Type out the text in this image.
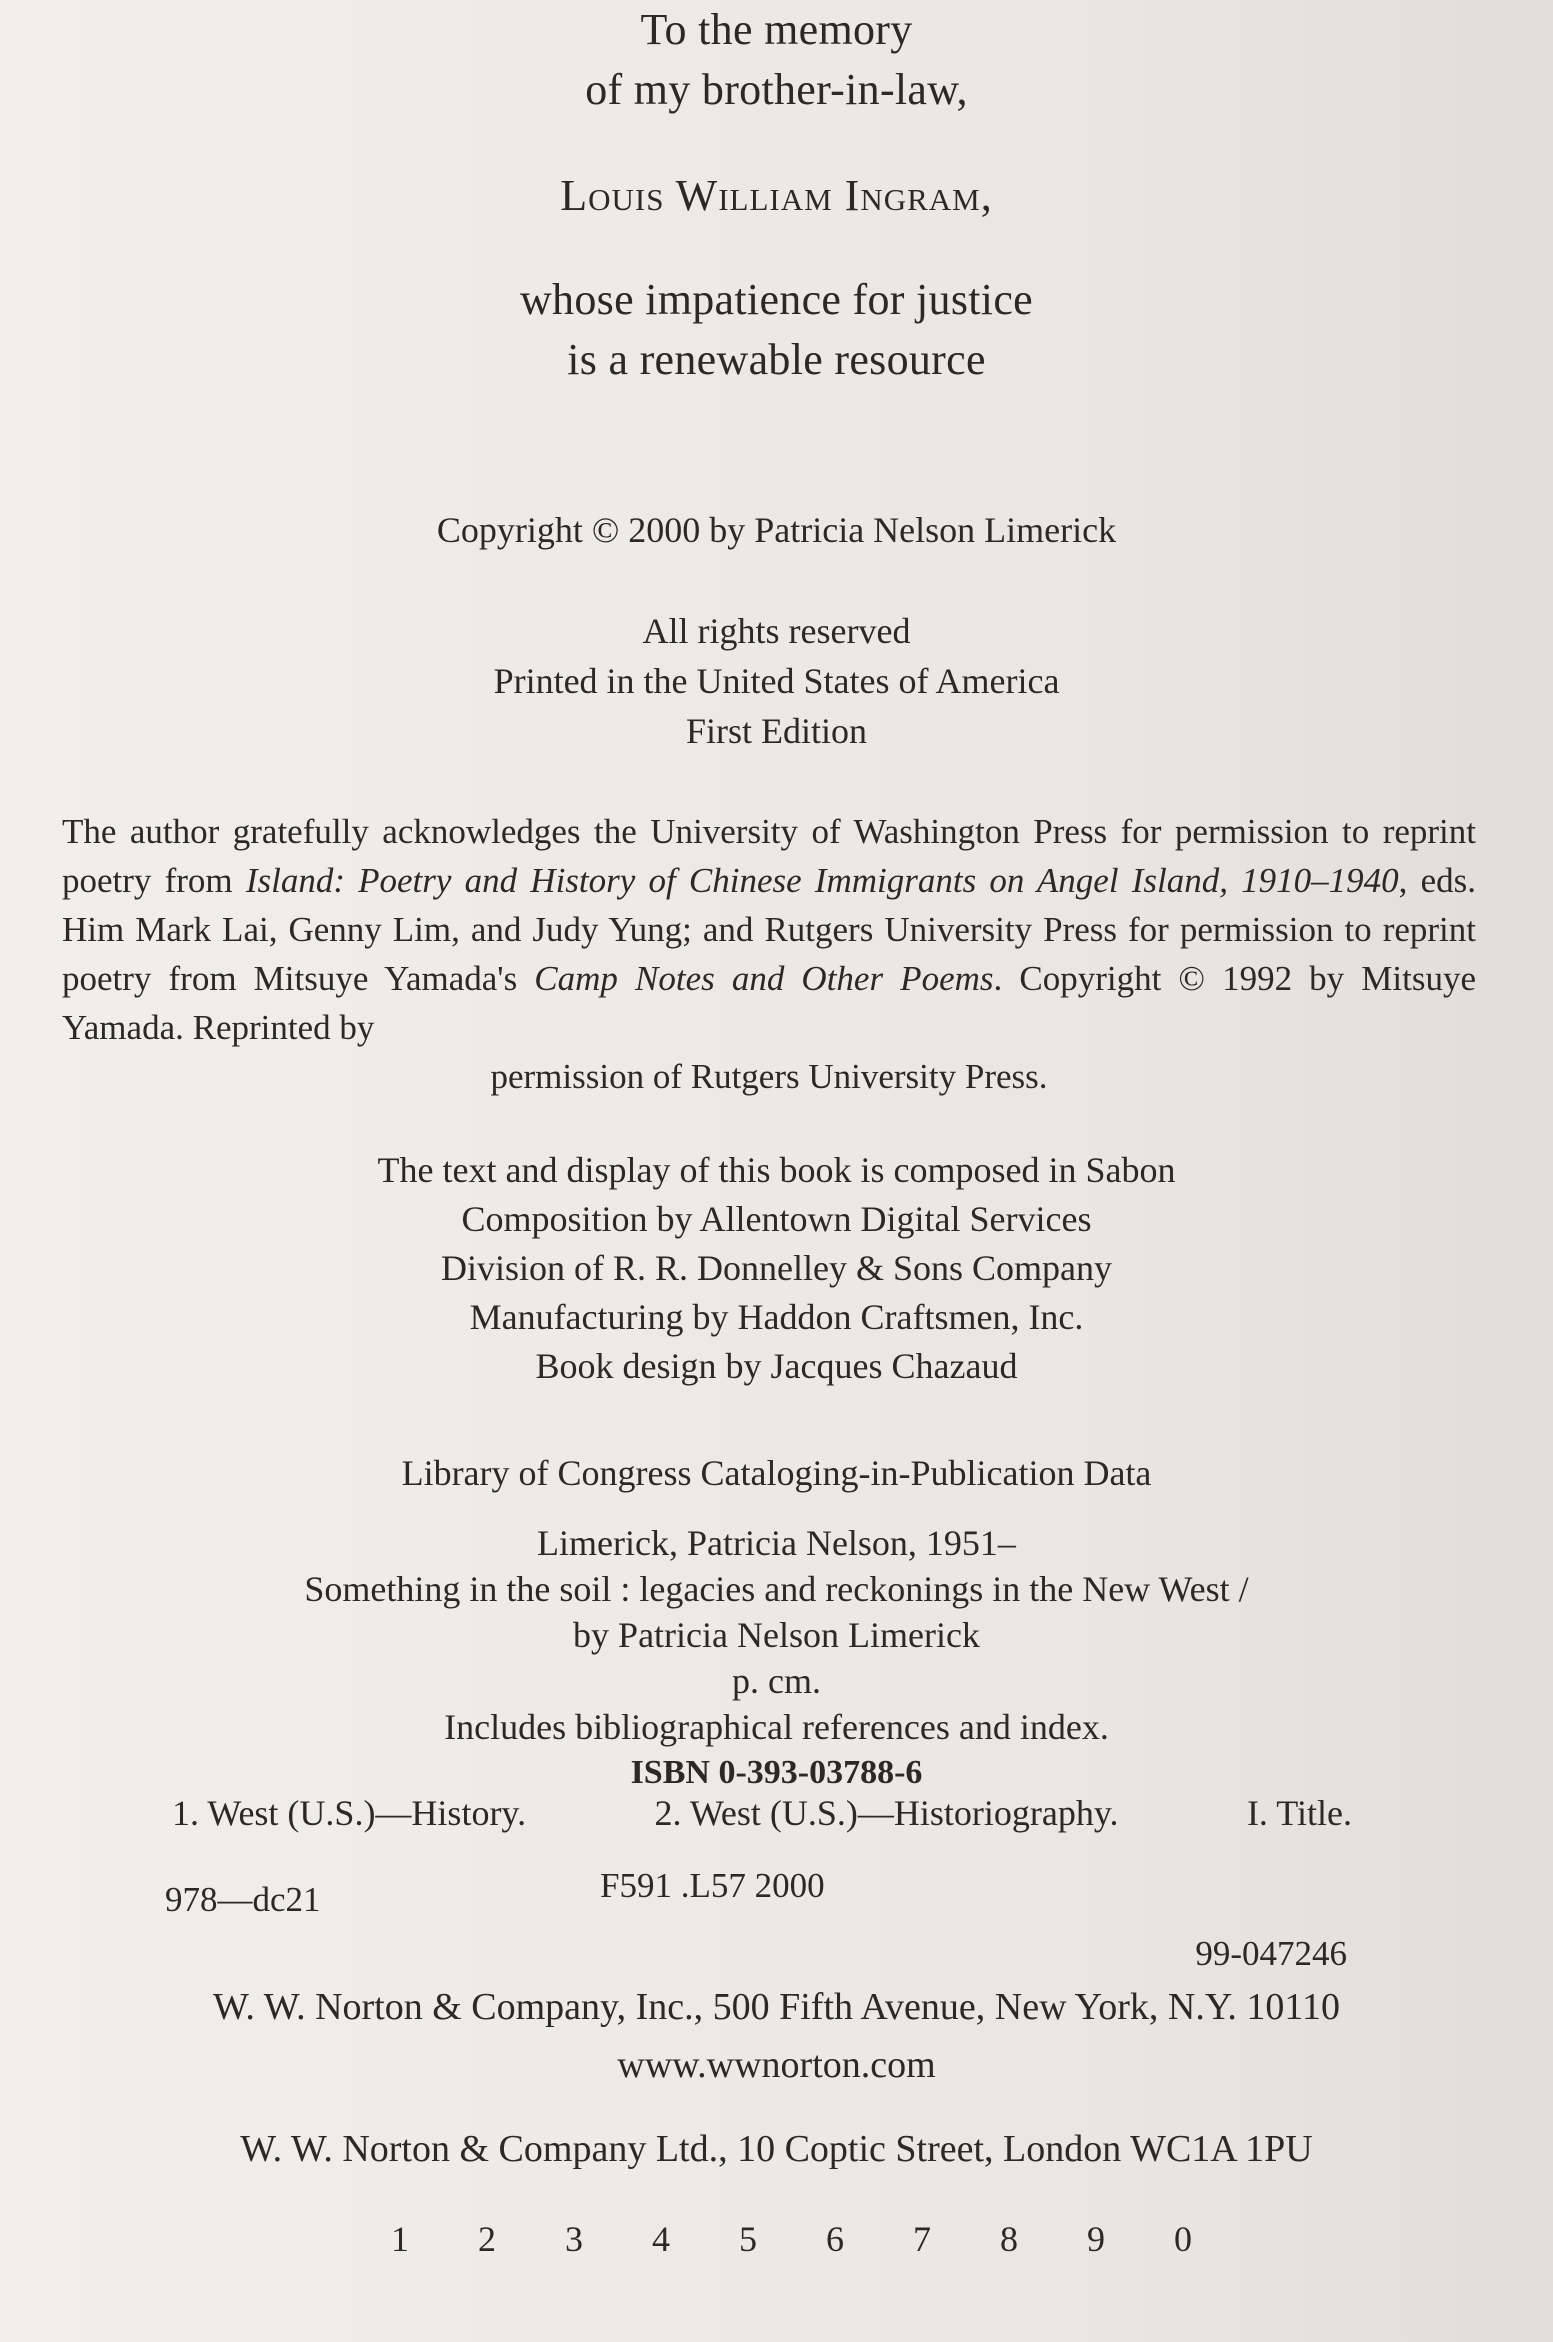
To the memory
of my brother-in-law,
Louis William Ingram,
whose impatience for justice
is a renewable resource
Copyright © 2000 by Patricia Nelson Limerick
All rights reserved
Printed in the United States of America
First Edition
The author gratefully acknowledges the University of Washington Press for permission to reprint poetry from Island: Poetry and History of Chinese Immigrants on Angel Island, 1910–1940, eds. Him Mark Lai, Genny Lim, and Judy Yung; and Rutgers University Press for permission to reprint poetry from Mitsuye Yamada's Camp Notes and Other Poems. Copyright © 1992 by Mitsuye Yamada. Reprinted by
permission of Rutgers University Press.
The text and display of this book is composed in Sabon
Composition by Allentown Digital Services
Division of R. R. Donnelley & Sons Company
Manufacturing by Haddon Craftsmen, Inc.
Book design by Jacques Chazaud
Library of Congress Cataloging-in-Publication Data
Limerick, Patricia Nelson, 1951–
Something in the soil : legacies and reckonings in the New West /
by Patricia Nelson Limerick
p. cm.
Includes bibliographical references and index.
ISBN 0-393-03788-6
1. West (U.S.)—History.	2. West (U.S.)—Historiography.	I. Title.
F591 .L57 2000
978—dc21
99-047246
W. W. Norton & Company, Inc., 500 Fifth Avenue, New York, N.Y. 10110
www.wwnorton.com
W. W. Norton & Company Ltd., 10 Coptic Street, London WC1A 1PU
1 2 3 4 5 6 7 8 9 0
